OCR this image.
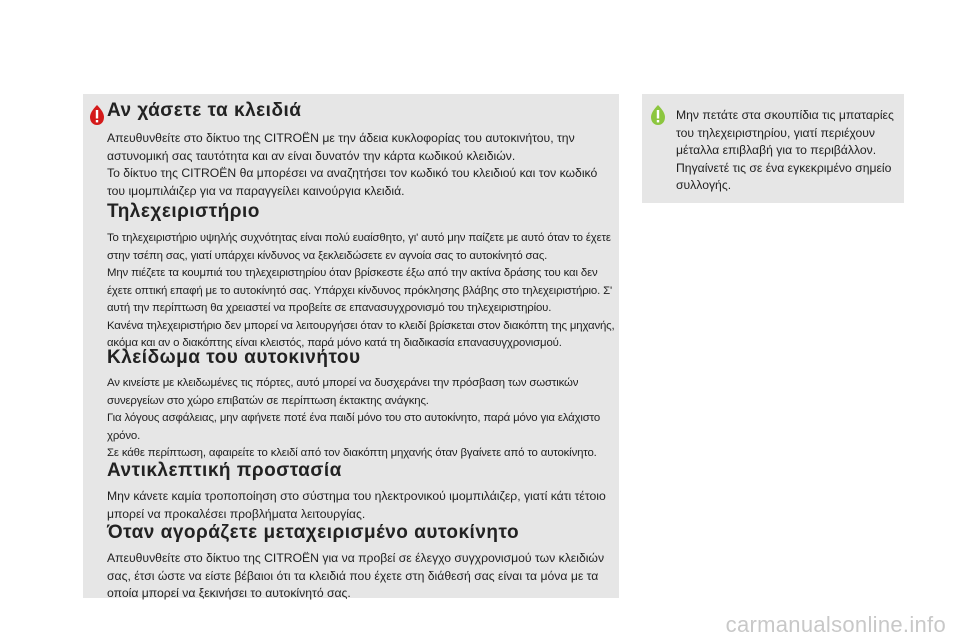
Αν χάσετε τα κλειδιά

Απευθυνθείτε στο δίκτυο της CITROËN με την άδεια κυκλοφορίας του αυτοκινήτου, την αστυνομική σας ταυτότητα και αν είναι δυνατόν την κάρτα κωδικού κλειδιών.

Το δίκτυο της CITROËN θα μπορέσει να αναζητήσει τον κωδικό του κλειδιού και τον κωδικό του ιμομπιλάιζερ για να παραγγείλει καινούργια κλειδιά.

Τηλεχειριστήριο

Το τηλεχειριστήριο υψηλής συχνότητας είναι πολύ ευαίσθητο, γι' αυτό μην παίζετε με αυτό όταν το έχετε στην τσέπη σας, γιατί υπάρχει κίνδυνος να ξεκλειδώσετε εν αγνοία σας το αυτοκίνητό σας.

Μην πιέζετε τα κουμπιά του τηλεχειριστηρίου όταν βρίσκεστε έξω από την ακτίνα δράσης του και δεν έχετε οπτική επαφή με το αυτοκίνητό σας. Υπάρχει κίνδυνος πρόκλησης βλάβης στο τηλεχειριστήριο. Σ' αυτή την περίπτωση θα χρειαστεί να προβείτε σε επανασυγχρονισμό του τηλεχειριστηρίου.

Κανένα τηλεχειριστήριο δεν μπορεί να λειτουργήσει όταν το κλειδί βρίσκεται στον διακόπτη της μηχανής, ακόμα και αν ο διακόπτης είναι κλειστός, παρά μόνο κατά τη διαδικασία επανασυγχρονισμού.

Κλείδωμα του αυτοκινήτου

Αν κινείστε με κλειδωμένες τις πόρτες, αυτό μπορεί να δυσχεράνει την πρόσβαση των σωστικών συνεργείων στο χώρο επιβατών σε περίπτωση έκτακτης ανάγκης.

Για λόγους ασφάλειας, μην αφήνετε ποτέ ένα παιδί μόνο του στο αυτοκίνητο, παρά μόνο για ελάχιστο χρόνο.

Σε κάθε περίπτωση, αφαιρείτε το κλειδί από τον διακόπτη μηχανής όταν βγαίνετε από το αυτοκίνητο.

Αντικλεπτική προστασία

Μην κάνετε καμία τροποποίηση στο σύστημα του ηλεκτρονικού ιμομπιλάιζερ, γιατί κάτι τέτοιο μπορεί να προκαλέσει προβλήματα λειτουργίας.

Όταν αγοράζετε μεταχειρισμένο αυτοκίνητο

Απευθυνθείτε στο δίκτυο της CITROËN για να προβεί σε έλεγχο συγχρονισμού των κλειδιών σας, έτσι ώστε να είστε βέβαιοι ότι τα κλειδιά που έχετε στη διάθεσή σας είναι τα μόνα με τα οποία μπορεί να ξεκινήσει το αυτοκίνητό σας.

Μην πετάτε στα σκουπίδια τις μπαταρίες του τηλεχειριστηρίου, γιατί περιέχουν μέταλλα επιβλαβή για το περιβάλλον. Πηγαίνετέ τις σε ένα εγκεκριμένο σημείο συλλογής.

carmanualsonline.info
